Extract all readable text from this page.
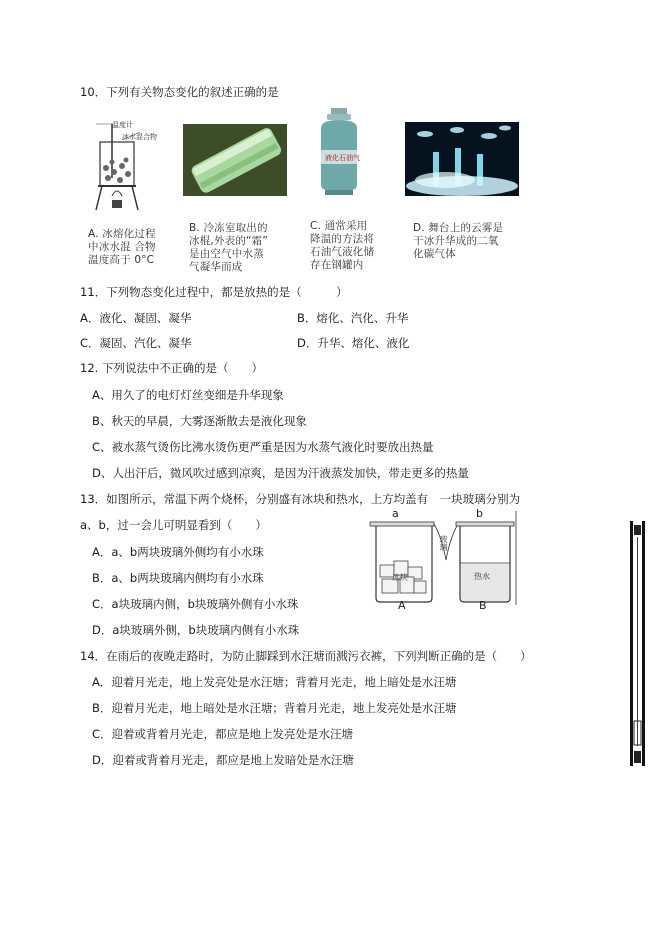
10．下列有关物态变化的叙述正确的是
温度计
冰水混合物
A. 冰熔化过程
中冰水混 合物
温度高于 0°C
B. 冷冻室取出的
冰棍,外表的“霜”
是由空气中水蒸
气凝华而成
液化石油气
C. 通常采用
降温的方法将
石油气液化储
存在钢罐内
D. 舞台上的云雾是
干冰升华成的二氧
化碳气体
11．下列物态变化过程中，都是放热的是（　　　）
A．液化、凝固、凝华	B．熔化、汽化、升华
C．凝固、汽化、凝华	D．升华、熔化、液化
12. 下列说法中不正确的是（　　）
A、用久了的电灯灯丝变细是升华现象
B、秋天的早晨，大雾逐渐散去是液化现象
C、被水蒸气烫伤比沸水烫伤更严重是因为水蒸气液化时要放出热量
D、人出汗后，微风吹过感到凉爽，是因为汗液蒸发加快，带走更多的热量
13．如图所示，常温下两个烧杯，分别盛有冰块和热水，上方均盖有　一块玻璃分别为
a、b，过一会儿可明显看到（　　）
A．a、b两块玻璃外侧均有小水珠
B．a、b两块玻璃内侧均有小水珠
C．a块玻璃内侧，b块玻璃外侧有小水珠
D．a块玻璃外侧，b块玻璃内侧有小水珠
a	b
玻璃
冰块	热水
A	B
14．在雨后的夜晚走路时，为防止脚踩到水汪塘而溅污衣裤，下列判断正确的是（　　）
A．迎着月光走，地上发亮处是水汪塘；背着月光走，地上暗处是水汪塘
B．迎着月光走，地上暗处是水汪塘；背着月光走，地上发亮处是水汪塘
C．迎着或背着月光走，都应是地上发亮处是水汪塘
D．迎着或背着月光走，都应是地上发暗处是水汪塘
